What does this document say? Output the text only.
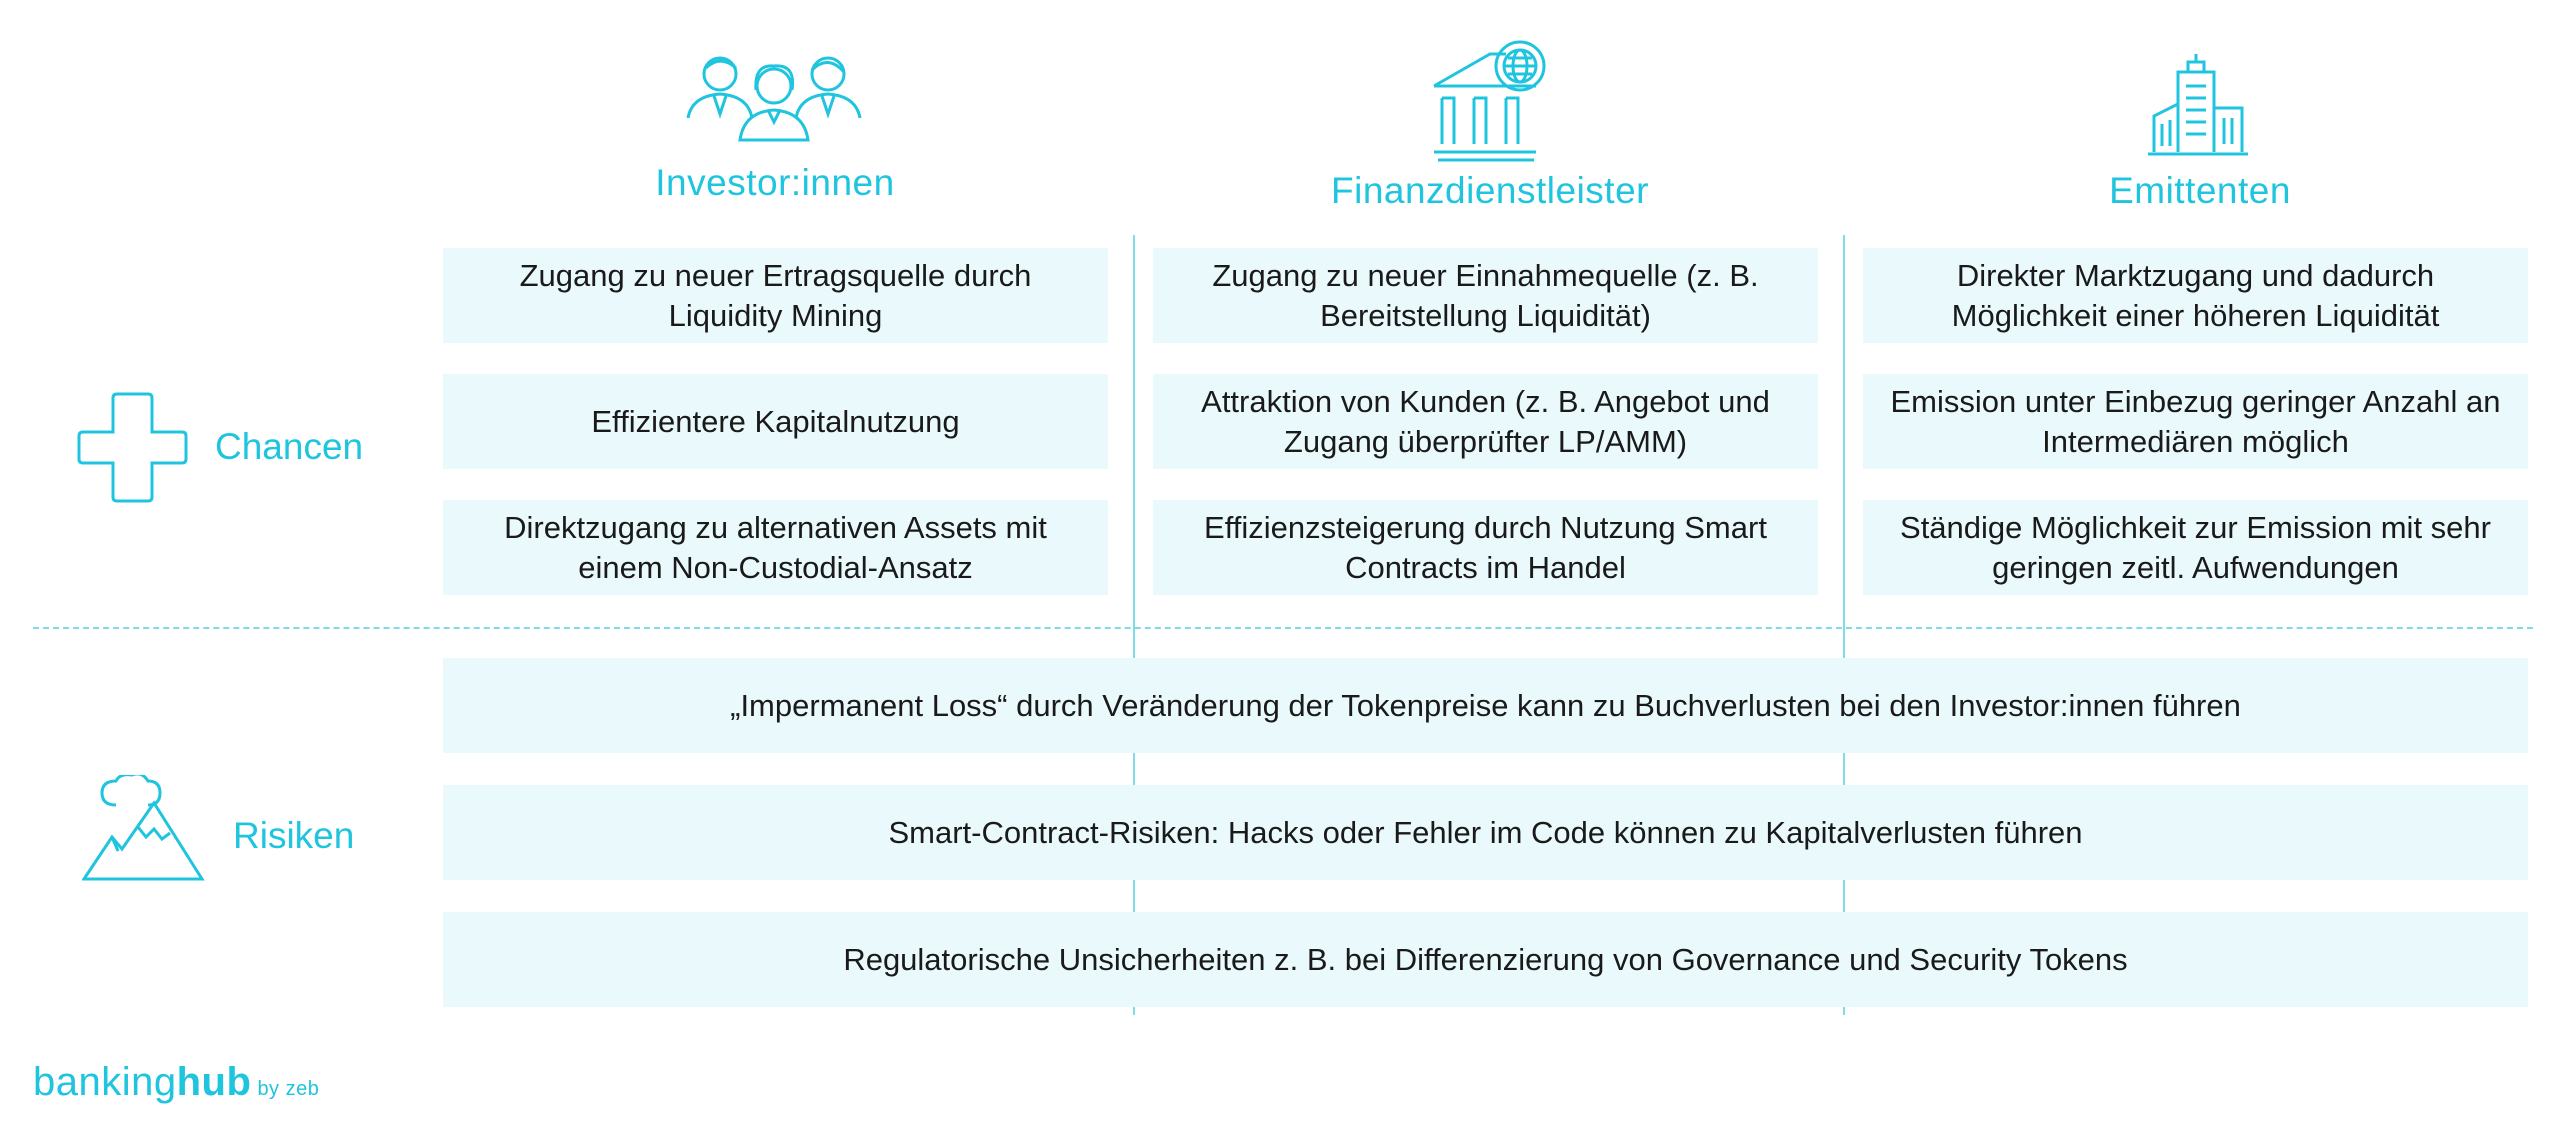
Investor:innen	Finanzdienstleister	Emittenten
Chancen
Zugang zu neuer Ertragsquelle durch Liquidity Mining
Zugang zu neuer Einnahmequelle (z. B. Bereitstellung Liquidität)
Direkter Marktzugang und dadurch Möglichkeit einer höheren Liquidität
Effizientere Kapitalnutzung
Attraktion von Kunden (z. B. Angebot und Zugang überprüfter LP/AMM)
Emission unter Einbezug geringer Anzahl an Intermediären möglich
Direktzugang zu alternativen Assets mit einem Non-Custodial-Ansatz
Effizienzsteigerung durch Nutzung Smart Contracts im Handel
Ständige Möglichkeit zur Emission mit sehr geringen zeitl. Aufwendungen
Risiken
„Impermanent Loss“ durch Veränderung der Tokenpreise kann zu Buchverlusten bei den Investor:innen führen
Smart-Contract-Risiken: Hacks oder Fehler im Code können zu Kapitalverlusten führen
Regulatorische Unsicherheiten z. B. bei Differenzierung von Governance und Security Tokens
bankinghub by zeb
